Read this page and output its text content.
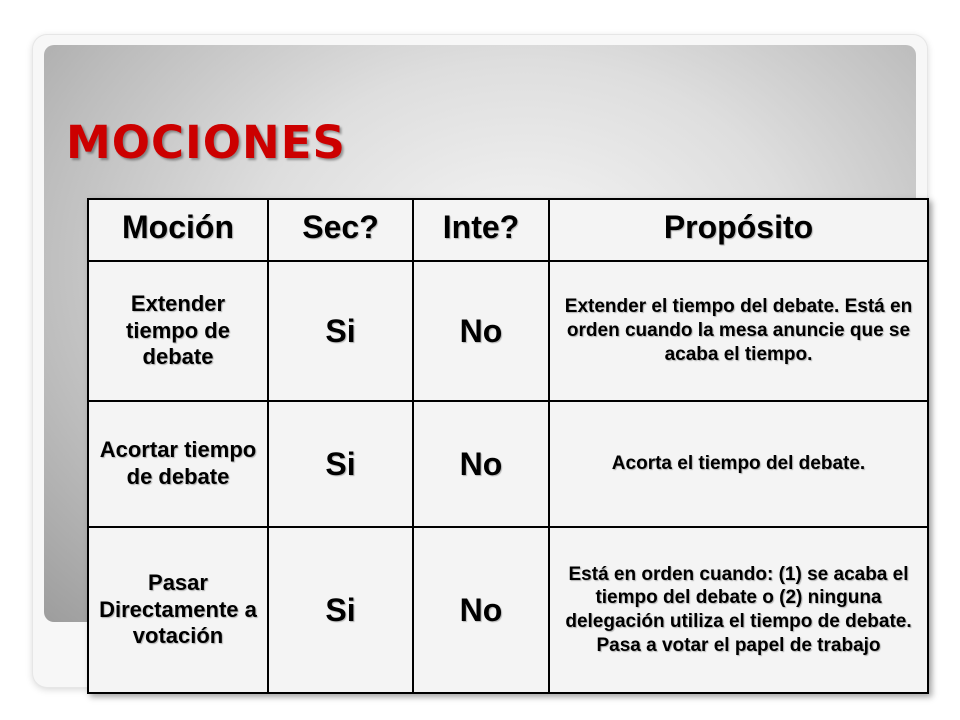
MOCIONES
Moción	Sec?	Inte?	Propósito
Extender tiempo de debate	Si	No	Extender el tiempo del debate. Está en orden cuando la mesa anuncie que se acaba el tiempo.
Acortar tiempo de debate	Si	No	Acorta el tiempo del debate.
Pasar Directamente a votación	Si	No	Está en orden cuando: (1) se acaba el tiempo del debate o (2) ninguna delegación utiliza el tiempo de debate. Pasa a votar el papel de trabajo
